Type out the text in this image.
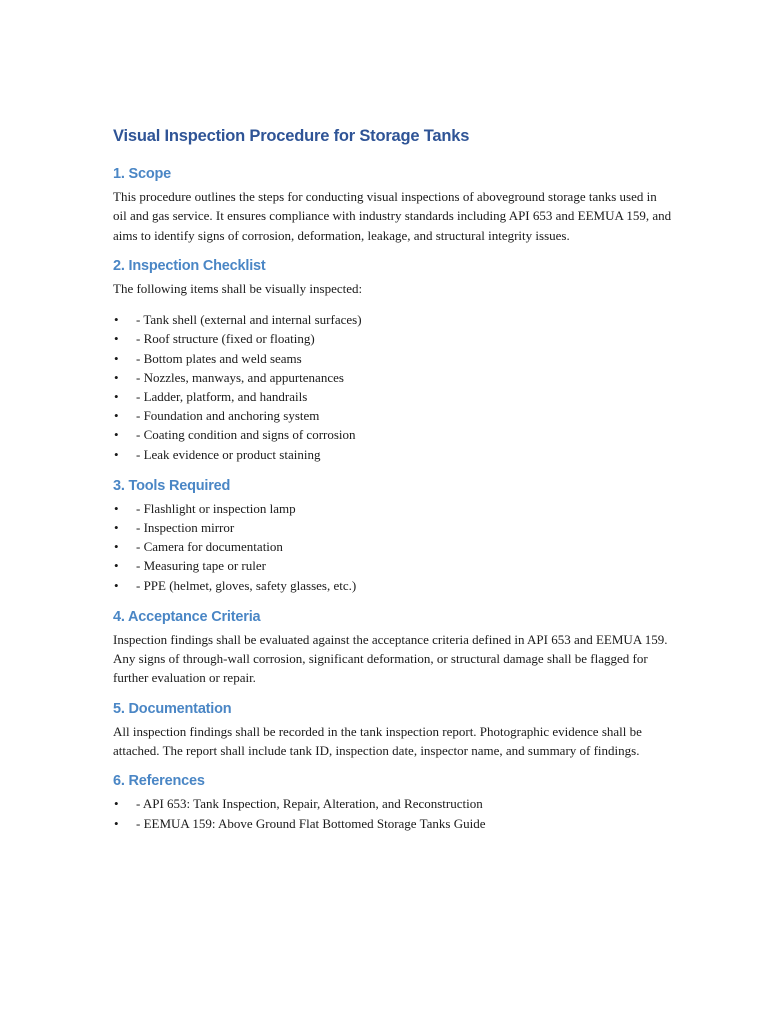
Visual Inspection Procedure for Storage Tanks
1. Scope

This procedure outlines the steps for conducting visual inspections of aboveground storage tanks used in oil and gas service. It ensures compliance with industry standards including API 653 and EEMUA 159, and aims to identify signs of corrosion, deformation, leakage, and structural integrity issues.

2. Inspection Checklist

The following items shall be visually inspected:

• - Tank shell (external and internal surfaces)
• - Roof structure (fixed or floating)
• - Bottom plates and weld seams
• - Nozzles, manways, and appurtenances
• - Ladder, platform, and handrails
• - Foundation and anchoring system
• - Coating condition and signs of corrosion
• - Leak evidence or product staining
3. Tools Required
• - Flashlight or inspection lamp
• - Inspection mirror
• - Camera for documentation
• - Measuring tape or ruler
• - PPE (helmet, gloves, safety glasses, etc.)
4. Acceptance Criteria

Inspection findings shall be evaluated against the acceptance criteria defined in API 653 and EEMUA 159. Any signs of through-wall corrosion, significant deformation, or structural damage shall be flagged for further evaluation or repair.

5. Documentation

All inspection findings shall be recorded in the tank inspection report. Photographic evidence shall be attached. The report shall include tank ID, inspection date, inspector name, and summary of findings.

6. References
• - API 653: Tank Inspection, Repair, Alteration, and Reconstruction
• - EEMUA 159: Above Ground Flat Bottomed Storage Tanks Guide
